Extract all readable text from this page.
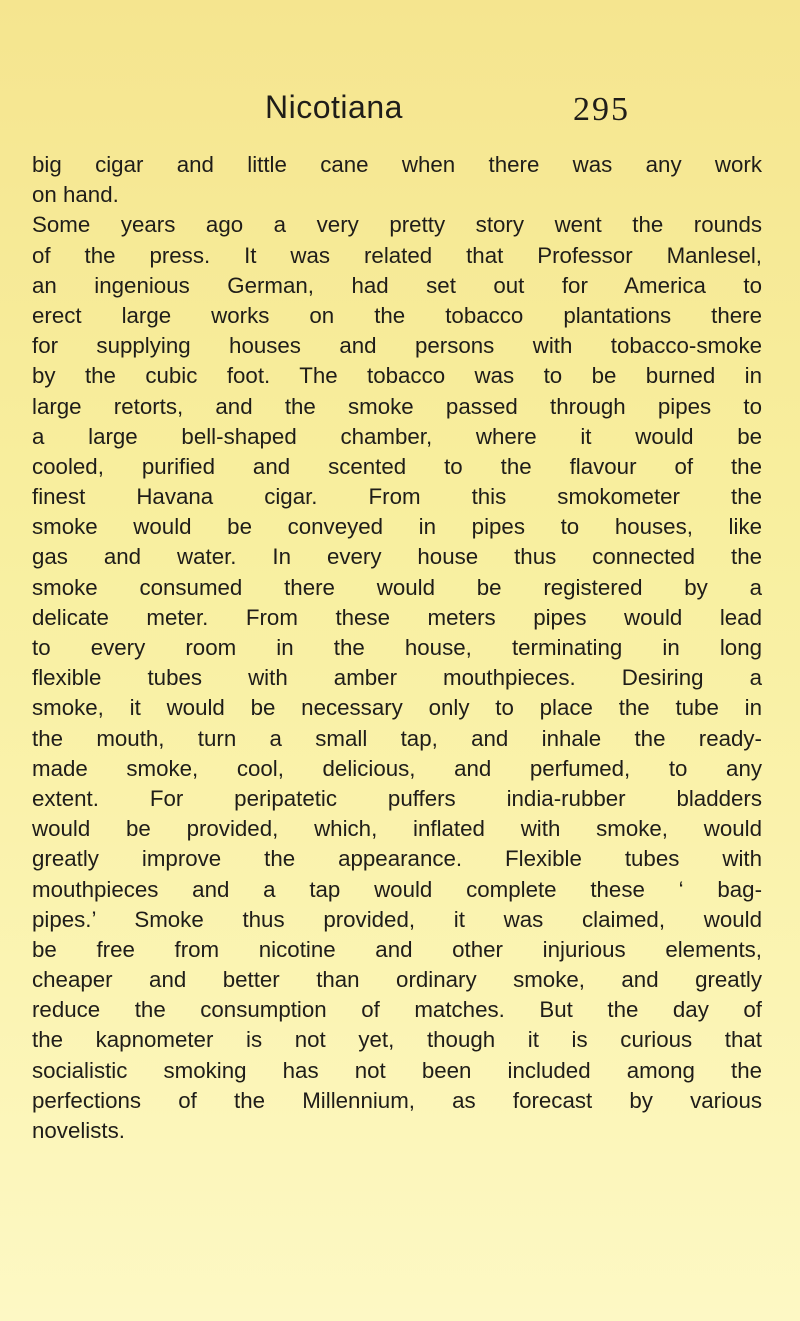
Nicotiana	295
big cigar and little cane when there was any work
on hand.
Some years ago a very pretty story went the rounds
of the press. It was related that Professor Manlesel,
an ingenious German, had set out for America to
erect large works on the tobacco plantations there
for supplying houses and persons with tobacco-smoke
by the cubic foot. The tobacco was to be burned in
large retorts, and the smoke passed through pipes to
a large bell-shaped chamber, where it would be
cooled, purified and scented to the flavour of the
finest Havana cigar. From this smokometer the
smoke would be conveyed in pipes to houses, like
gas and water. In every house thus connected the
smoke consumed there would be registered by a
delicate meter. From these meters pipes would lead
to every room in the house, terminating in long
flexible tubes with amber mouthpieces. Desiring a
smoke, it would be necessary only to place the tube in
the mouth, turn a small tap, and inhale the ready-
made smoke, cool, delicious, and perfumed, to any
extent. For peripatetic puffers india-rubber bladders
would be provided, which, inflated with smoke, would
greatly improve the appearance. Flexible tubes with
mouthpieces and a tap would complete these ‘ bag-
pipes.’ Smoke thus provided, it was claimed, would
be free from nicotine and other injurious elements,
cheaper and better than ordinary smoke, and greatly
reduce the consumption of matches. But the day of
the kapnometer is not yet, though it is curious that
socialistic smoking has not been included among the
perfections of the Millennium, as forecast by various
novelists.
